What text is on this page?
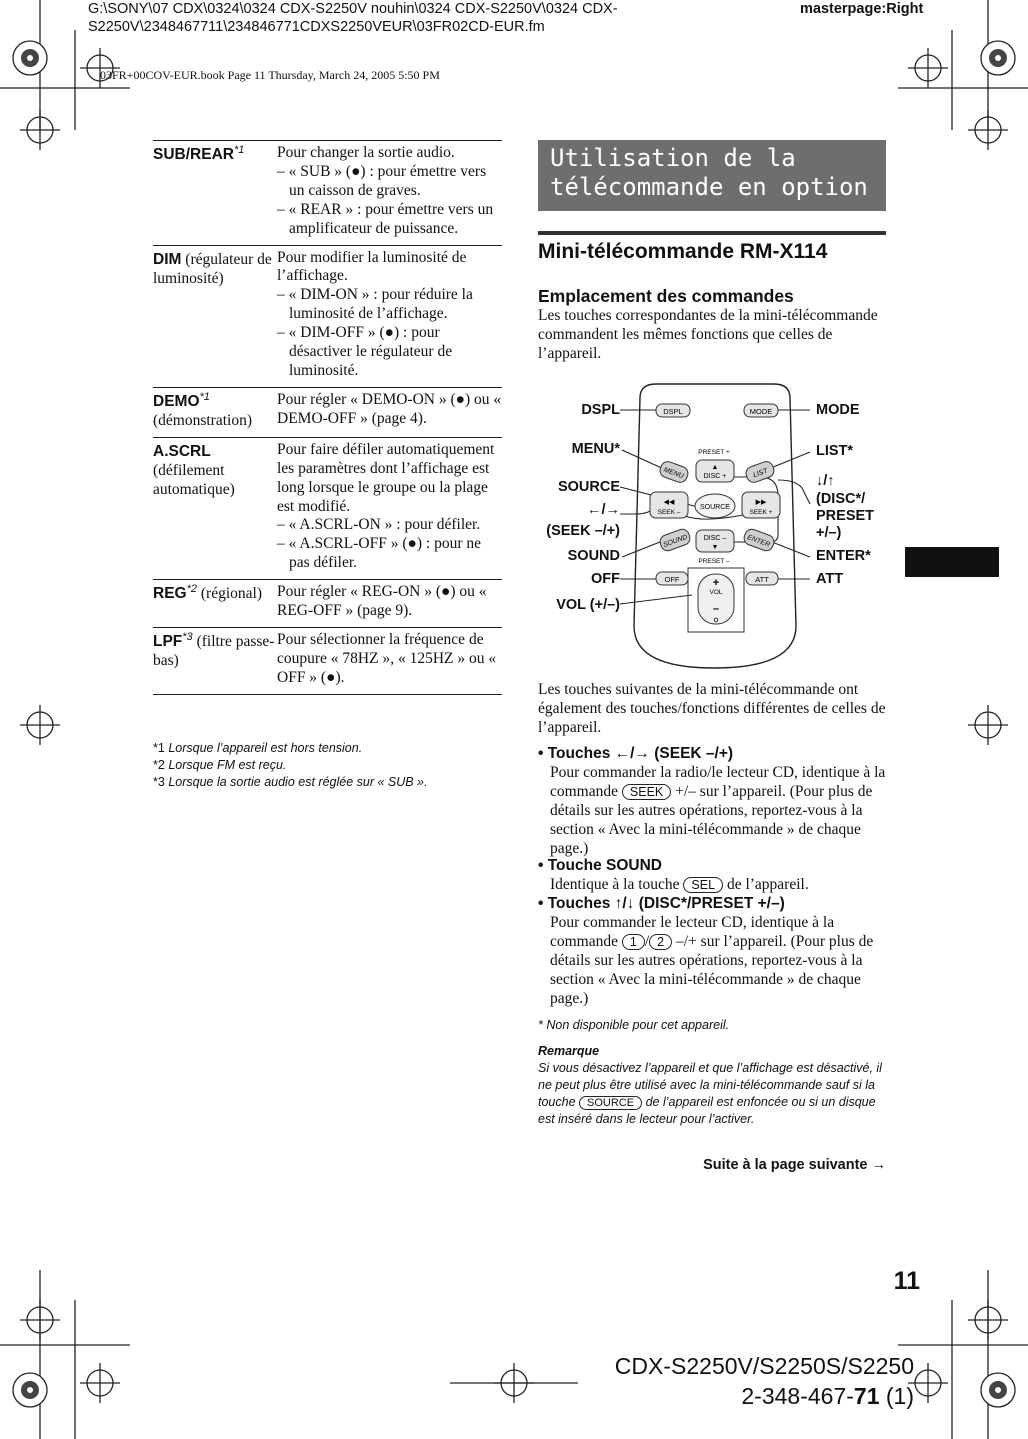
G:\SONY\07 CDX\0324\0324 CDX-S2250V nouhin\0324 CDX-S2250V\0324 CDX-
S2250V\2348467711\234846771CDXS2250VEUR\03FR02CD-EUR.fm
masterpage:Right
03FR+00COV-EUR.book Page 11 Thursday, March 24, 2005 5:50 PM
SUB/REAR$^{*1}$	Pour changer la sortie audio.
– « SUB » (●) : pour émettre vers un caisson de graves.
– « REAR » : pour émettre vers un amplificateur de puissance.

DIM (régulateur de luminosité)	Pour modifier la luminosité de l’affichage.
– « DIM-ON » : pour réduire la luminosité de l’affichage.
– « DIM-OFF » (●) : pour désactiver le régulateur de luminosité.

DEMO$^{*1}$ (démonstration)	Pour régler « DEMO-ON » (●) ou « DEMO-OFF » (page 4).

A.SCRL (défilement automatique)	Pour faire défiler automatiquement les paramètres dont l’affichage est long lorsque le groupe ou la plage est modifié.
– « A.SCRL-ON » : pour défiler.
– « A.SCRL-OFF » (●) : pour ne pas défiler.

REG$^{*2}$ (régional)	Pour régler « REG-ON » (●) ou « REG-OFF » (page 9).

LPF$^{*3}$ (filtre passe-bas)	Pour sélectionner la fréquence de coupure « 78HZ », « 125HZ » ou « OFF » (●).
*1 Lorsque l’appareil est hors tension.
*2 Lorsque FM est reçu.
*3 Lorsque la sortie audio est réglée sur « SUB ».
Utilisation de la télécommande en option
Mini-télécommande RM-X114
Emplacement des commandes
Les touches correspondantes de la mini-télécommande commandent les mêmes fonctions que celles de l’appareil.
DSPL	MODE
PRESET +
MENU	LIST
▲
DISC +
◀◀
SEEK –
SOURCE
▶▶
SEEK +
SOUND DISC –
▼	ENTER
PRESET –
OFF	ATT
+
VOL
–
DSPL
MENU*
SOURCE
←/→
(SEEK –/+)
SOUND
OFF
VOL (+/–)
MODE
LIST*
↓/↑
(DISC*/
PRESET
+/–)
ENTER*
ATT
Les touches suivantes de la mini-télécommande ont également des touches/fonctions différentes de celles de l’appareil.
• Touches ←/→ (SEEK –/+)
Pour commander la radio/le lecteur CD, identique à la commande SEEK +/– sur l’appareil. (Pour plus de détails sur les autres opérations, reportez-vous à la section « Avec la mini-télécommande » de chaque page.)
• Touche SOUND
Identique à la touche SEL de l’appareil.
• Touches ↑/↓ (DISC*/PRESET +/–)
Pour commander le lecteur CD, identique à la commande 1 / 2 –/+ sur l’appareil. (Pour plus de détails sur les autres opérations, reportez-vous à la section « Avec la mini-télécommande » de chaque page.)
* Non disponible pour cet appareil.
Remarque
Si vous désactivez l’appareil et que l’affichage est désactivé, il ne peut plus être utilisé avec la mini-télécommande sauf si la touche SOURCE de l’appareil est enfoncée ou si un disque est inséré dans le lecteur pour l’activer.
Suite à la page suivante →
11
CDX-S2250V/S2250S/S2250
2-348-467-71 (1)
